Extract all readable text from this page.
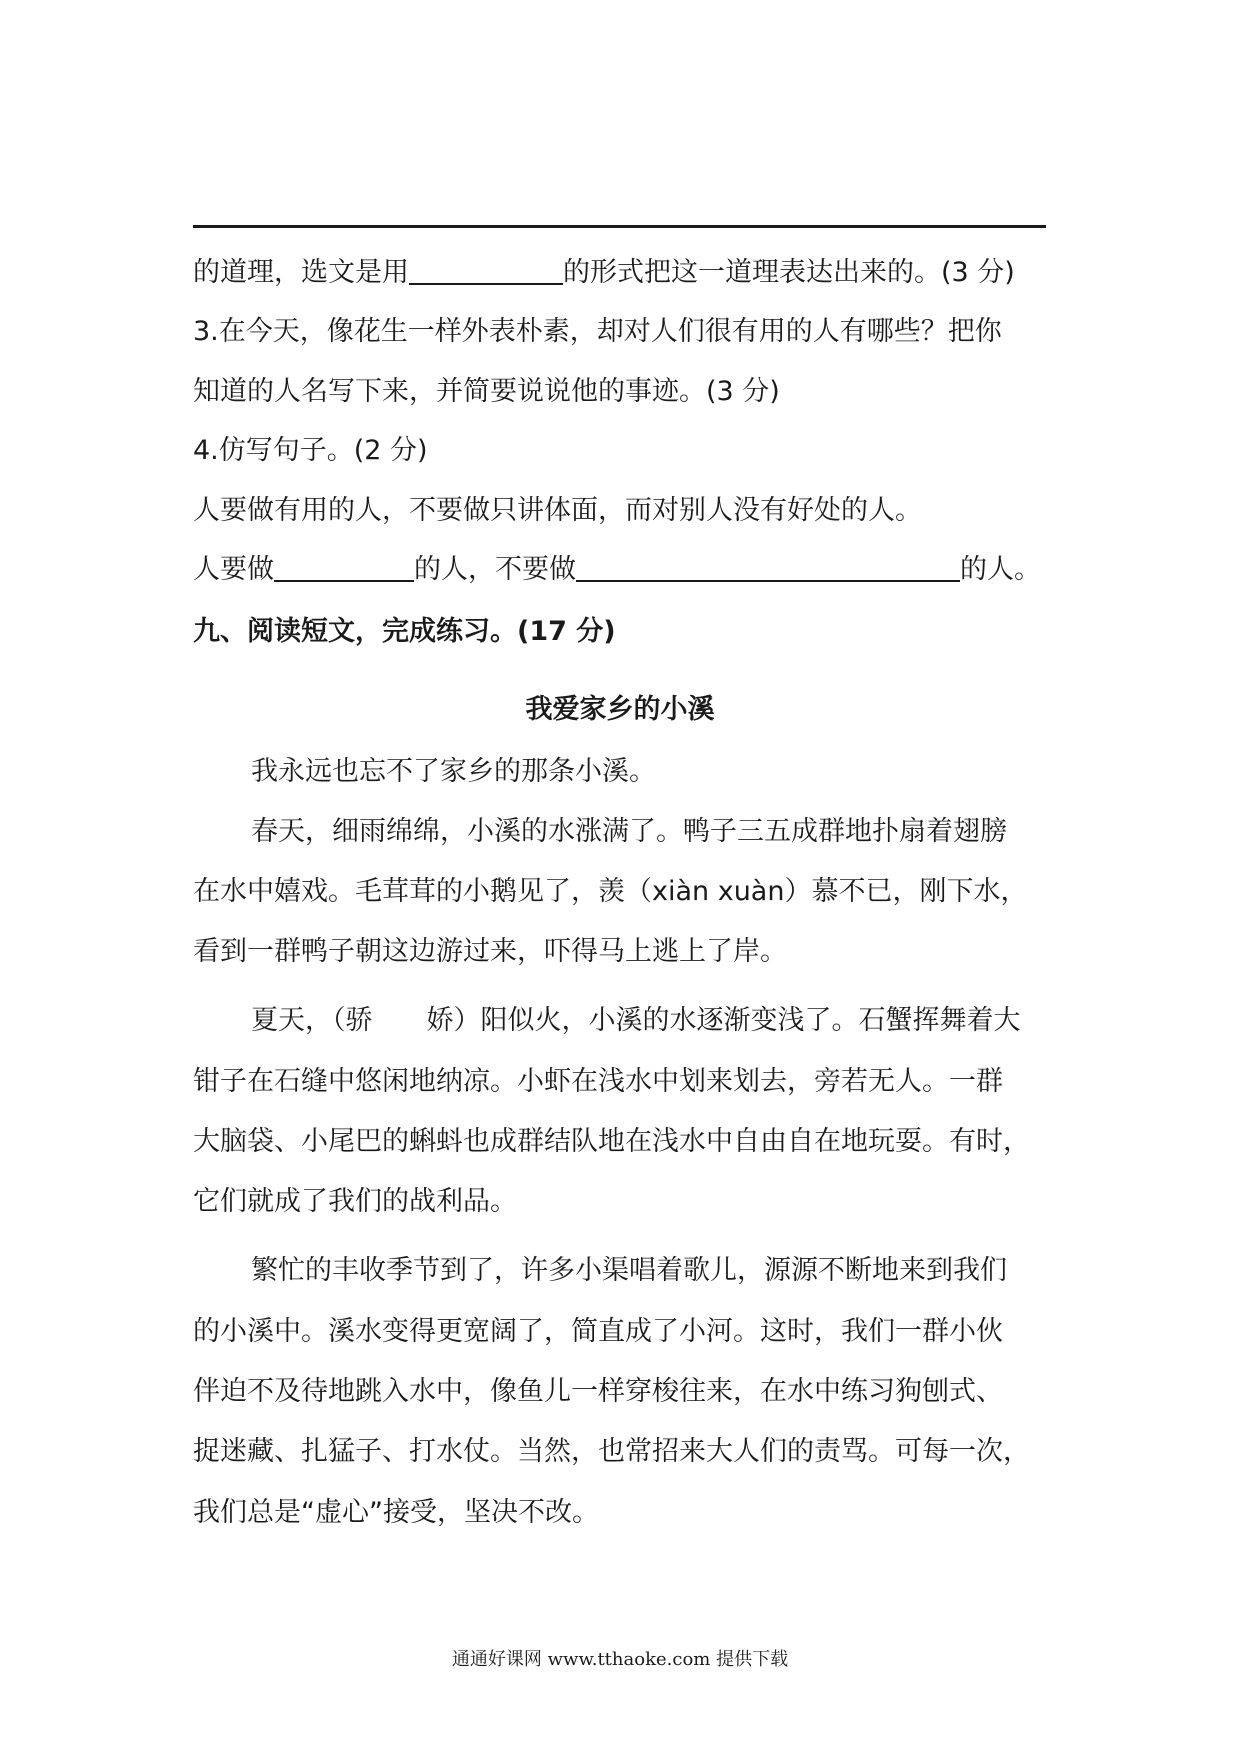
的道理，选文是用	的形式把这一道理表达出来的。(3 分)
3.在今天，像花生一样外表朴素，却对人们很有用的人有哪些？把你
知道的人名写下来，并简要说说他的事迹。(3 分)
4.仿写句子。(2 分)
人要做有用的人，不要做只讲体面，而对别人没有好处的人。
人要做	的人，不要做	的人。
九、阅读短文，完成练习。(17 分)
我爱家乡的小溪
我永远也忘不了家乡的那条小溪。
春天，细雨绵绵，小溪的水涨满了。鸭子三五成群地扑扇着翅膀
在水中嬉戏。毛茸茸的小鹅见了，羡（xiàn xuàn）慕不已，刚下水，
看到一群鸭子朝这边游过来，吓得马上逃上了岸。
夏天，（骄　　娇）阳似火，小溪的水逐渐变浅了。石蟹挥舞着大
钳子在石缝中悠闲地纳凉。小虾在浅水中划来划去，旁若无人。一群
大脑袋、小尾巴的蝌蚪也成群结队地在浅水中自由自在地玩耍。有时，
它们就成了我们的战利品。
繁忙的丰收季节到了，许多小渠唱着歌儿，源源不断地来到我们
的小溪中。溪水变得更宽阔了，简直成了小河。这时，我们一群小伙
伴迫不及待地跳入水中，像鱼儿一样穿梭往来，在水中练习狗刨式、
捉迷藏、扎猛子、打水仗。当然，也常招来大人们的责骂。可每一次，
我们总是“虚心”接受，坚决不改。
通通好课网 www.tthaoke.com 提供下载
